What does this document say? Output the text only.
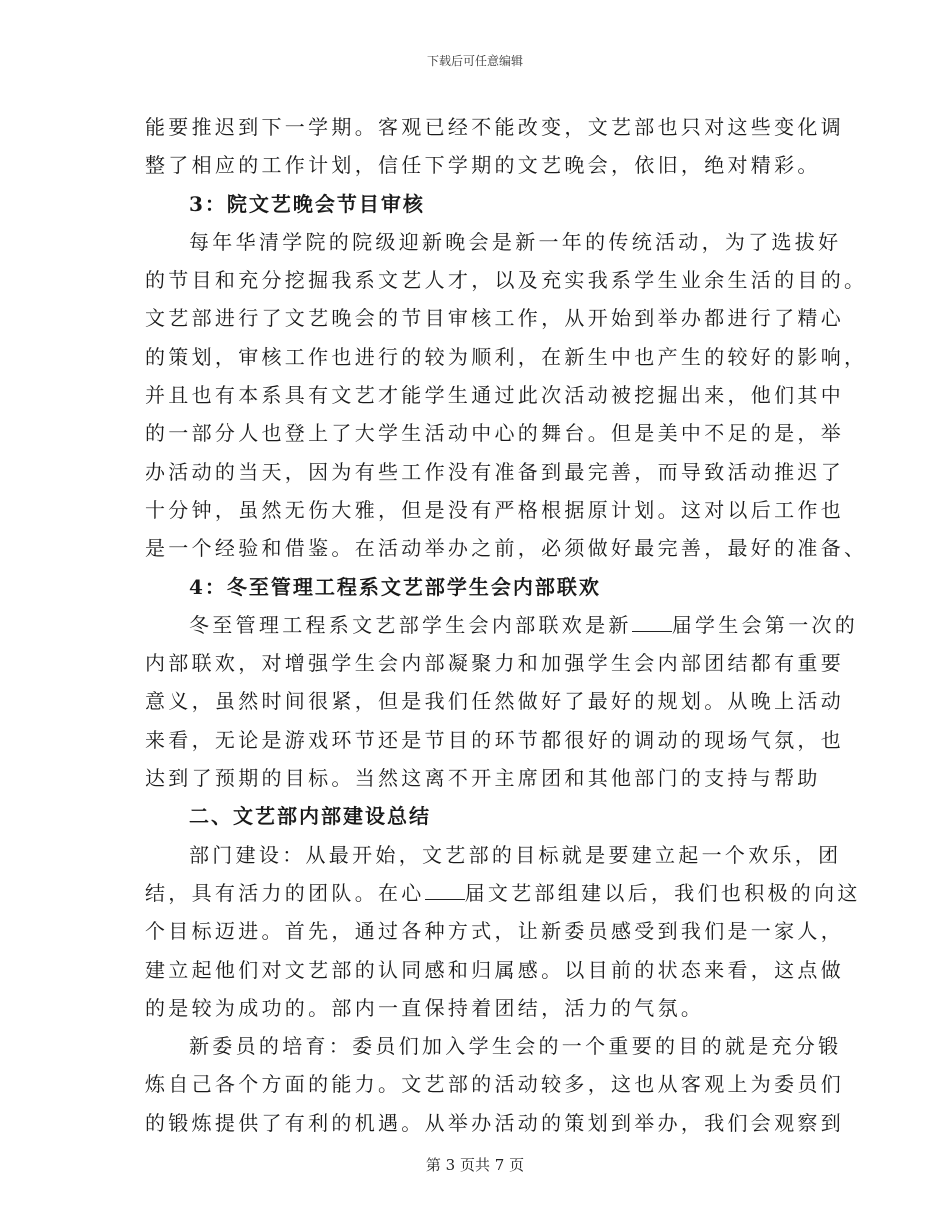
下载后可任意编辑
能要推迟到下一学期。客观已经不能改变，文艺部也只对这些变化调
整了相应的工作计划，信任下学期的文艺晚会，依旧，绝对精彩。
3：院文艺晚会节目审核
每年华清学院的院级迎新晚会是新一年的传统活动，为了选拔好
的节目和充分挖掘我系文艺人才，以及充实我系学生业余生活的目的。
文艺部进行了文艺晚会的节目审核工作，从开始到举办都进行了精心
的策划，审核工作也进行的较为顺利，在新生中也产生的较好的影响，
并且也有本系具有文艺才能学生通过此次活动被挖掘出来，他们其中
的一部分人也登上了大学生活动中心的舞台。但是美中不足的是，举
办活动的当天，因为有些工作没有准备到最完善，而导致活动推迟了
十分钟，虽然无伤大雅，但是没有严格根据原计划。这对以后工作也
是一个经验和借鉴。在活动举办之前，必须做好最完善，最好的准备、
4：冬至管理工程系文艺部学生会内部联欢
冬至管理工程系文艺部学生会内部联欢是新 届学生会第一次的
内部联欢，对增强学生会内部凝聚力和加强学生会内部团结都有重要
意义，虽然时间很紧，但是我们任然做好了最好的规划。从晚上活动
来看，无论是游戏环节还是节目的环节都很好的调动的现场气氛，也
达到了预期的目标。当然这离不开主席团和其他部门的支持与帮助
二、文艺部内部建设总结
部门建设：从最开始，文艺部的目标就是要建立起一个欢乐，团
结，具有活力的团队。在心 届文艺部组建以后，我们也积极的向这
个目标迈进。首先，通过各种方式，让新委员感受到我们是一家人，
建立起他们对文艺部的认同感和归属感。以目前的状态来看，这点做
的是较为成功的。部内一直保持着团结，活力的气氛。
新委员的培育：委员们加入学生会的一个重要的目的就是充分锻
炼自己各个方面的能力。文艺部的活动较多，这也从客观上为委员们
的锻炼提供了有利的机遇。从举办活动的策划到举办，我们会观察到
第 3 页共 7 页
